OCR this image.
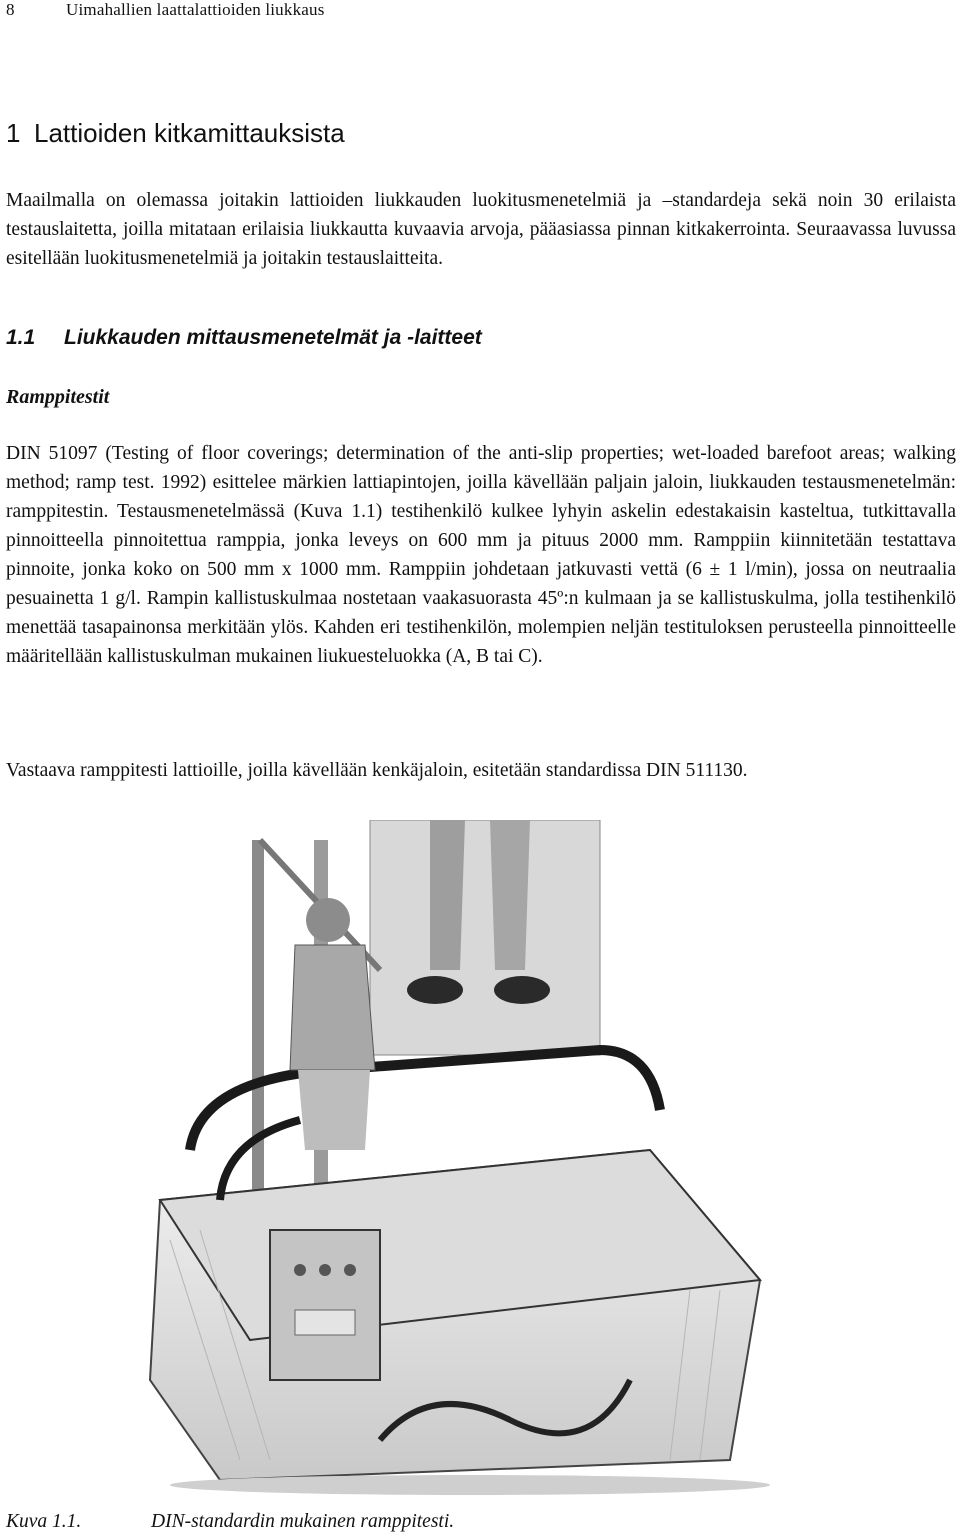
8	Uimahallien laattalattioiden liukkaus
1 Lattioiden kitkamittauksista

Maailmalla on olemassa joitakin lattioiden liukkauden luokitusmenetelmiä ja –standardeja sekä noin 30 erilaista testauslaitetta, joilla mitataan erilaisia liukkautta kuvaavia arvoja, pääasiassa pinnan kitkakerrointa. Seuraavassa luvussa esitellään luokitusmenetelmiä ja joitakin testauslaitteita.

1.1 Liukkauden mittausmenetelmät ja -laitteet
Ramppitestit

DIN 51097 (Testing of floor coverings; determination of the anti-slip properties; wet-loaded barefoot areas; walking method; ramp test. 1992) esittelee märkien lattiapintojen, joilla kävellään paljain jaloin, liukkauden testausmenetelmän: ramppitestin. Testausmenetelmässä (Kuva 1.1) testihenkilö kulkee lyhyin askelin edestakaisin kasteltua, tutkittavalla pinnoitteella pinnoitettua ramppia, jonka leveys on 600 mm ja pituus 2000 mm. Ramppiin kiinnitetään testattava pinnoite, jonka koko on 500 mm x 1000 mm. Ramppiin johdetaan jatkuvasti vettä (6 ± 1 l/min), jossa on neutraalia pesuainetta 1 g/l. Rampin kallistuskulmaa nostetaan vaakasuorasta 45º:n kulmaan ja se kallistuskulma, jolla testihenkilö menettää tasapainonsa merkitään ylös. Kahden eri testihenkilön, molempien neljän testituloksen perusteella pinnoitteelle määritellään kallistuskulman mukainen liukuesteluokka (A, B tai C).

Vastaava ramppitesti lattioille, joilla kävellään kenkäjaloin, esitetään standardissa DIN 511130.

Kuva 1.1.	DIN-standardin mukainen ramppitesti.
